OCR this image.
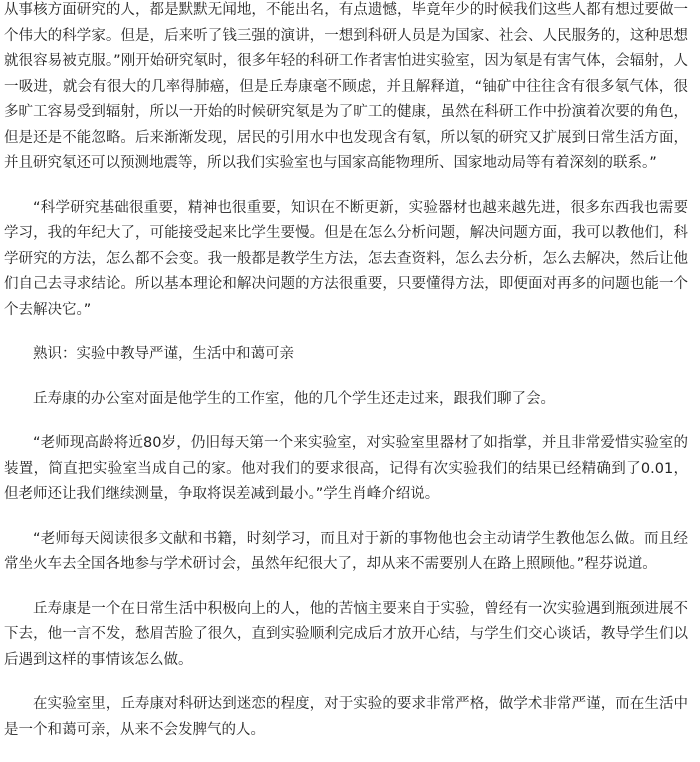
从事核方面研究的人，都是默默无闻地，不能出名，有点遗憾，毕竟年少的时候我们这些人都有想过要做一个伟大的科学家。但是，后来听了钱三强的演讲，一想到科研人员是为国家、社会、人民服务的，这种思想就很容易被克服。”刚开始研究氡时，很多年轻的科研工作者害怕进实验室，因为氡是有害气体，会辐射，人一吸进，就会有很大的几率得肺癌，但是丘寿康毫不顾虑，并且解释道，“铀矿中往往含有很多氡气体，很多旷工容易受到辐射，所以一开始的时候研究氡是为了旷工的健康，虽然在科研工作中扮演着次要的角色，但是还是不能忽略。后来渐渐发现，居民的引用水中也发现含有氡，所以氡的研究又扩展到日常生活方面，并且研究氡还可以预测地震等，所以我们实验室也与国家高能物理所、国家地动局等有着深刻的联系。”

“科学研究基础很重要，精神也很重要，知识在不断更新，实验器材也越来越先进，很多东西我也需要学习，我的年纪大了，可能接受起来比学生要慢。但是在怎么分析问题，解决问题方面，我可以教他们，科学研究的方法，怎么都不会变。我一般都是教学生方法，怎去查资料，怎么去分析，怎么去解决，然后让他们自己去寻求结论。所以基本理论和解决问题的方法很重要，只要懂得方法，即便面对再多的问题也能一个个去解决它。”

熟识：实验中教导严谨，生活中和蔼可亲

丘寿康的办公室对面是他学生的工作室，他的几个学生还走过来，跟我们聊了会。

“老师现高龄将近80岁，仍旧每天第一个来实验室，对实验室里器材了如指掌，并且非常爱惜实验室的装置，简直把实验室当成自己的家。他对我们的要求很高，记得有次实验我们的结果已经精确到了0.01，但老师还让我们继续测量，争取将误差减到最小。”学生肖峰介绍说。

“老师每天阅读很多文献和书籍，时刻学习，而且对于新的事物他也会主动请学生教他怎么做。而且经常坐火车去全国各地参与学术研讨会，虽然年纪很大了，却从来不需要别人在路上照顾他。”程芬说道。

丘寿康是一个在日常生活中积极向上的人，他的苦恼主要来自于实验，曾经有一次实验遇到瓶颈进展不下去，他一言不发，愁眉苦脸了很久，直到实验顺利完成后才放开心结，与学生们交心谈话，教导学生们以后遇到这样的事情该怎么做。

在实验室里，丘寿康对科研达到迷恋的程度，对于实验的要求非常严格，做学术非常严谨，而在生活中是一个和蔼可亲，从来不会发脾气的人。
